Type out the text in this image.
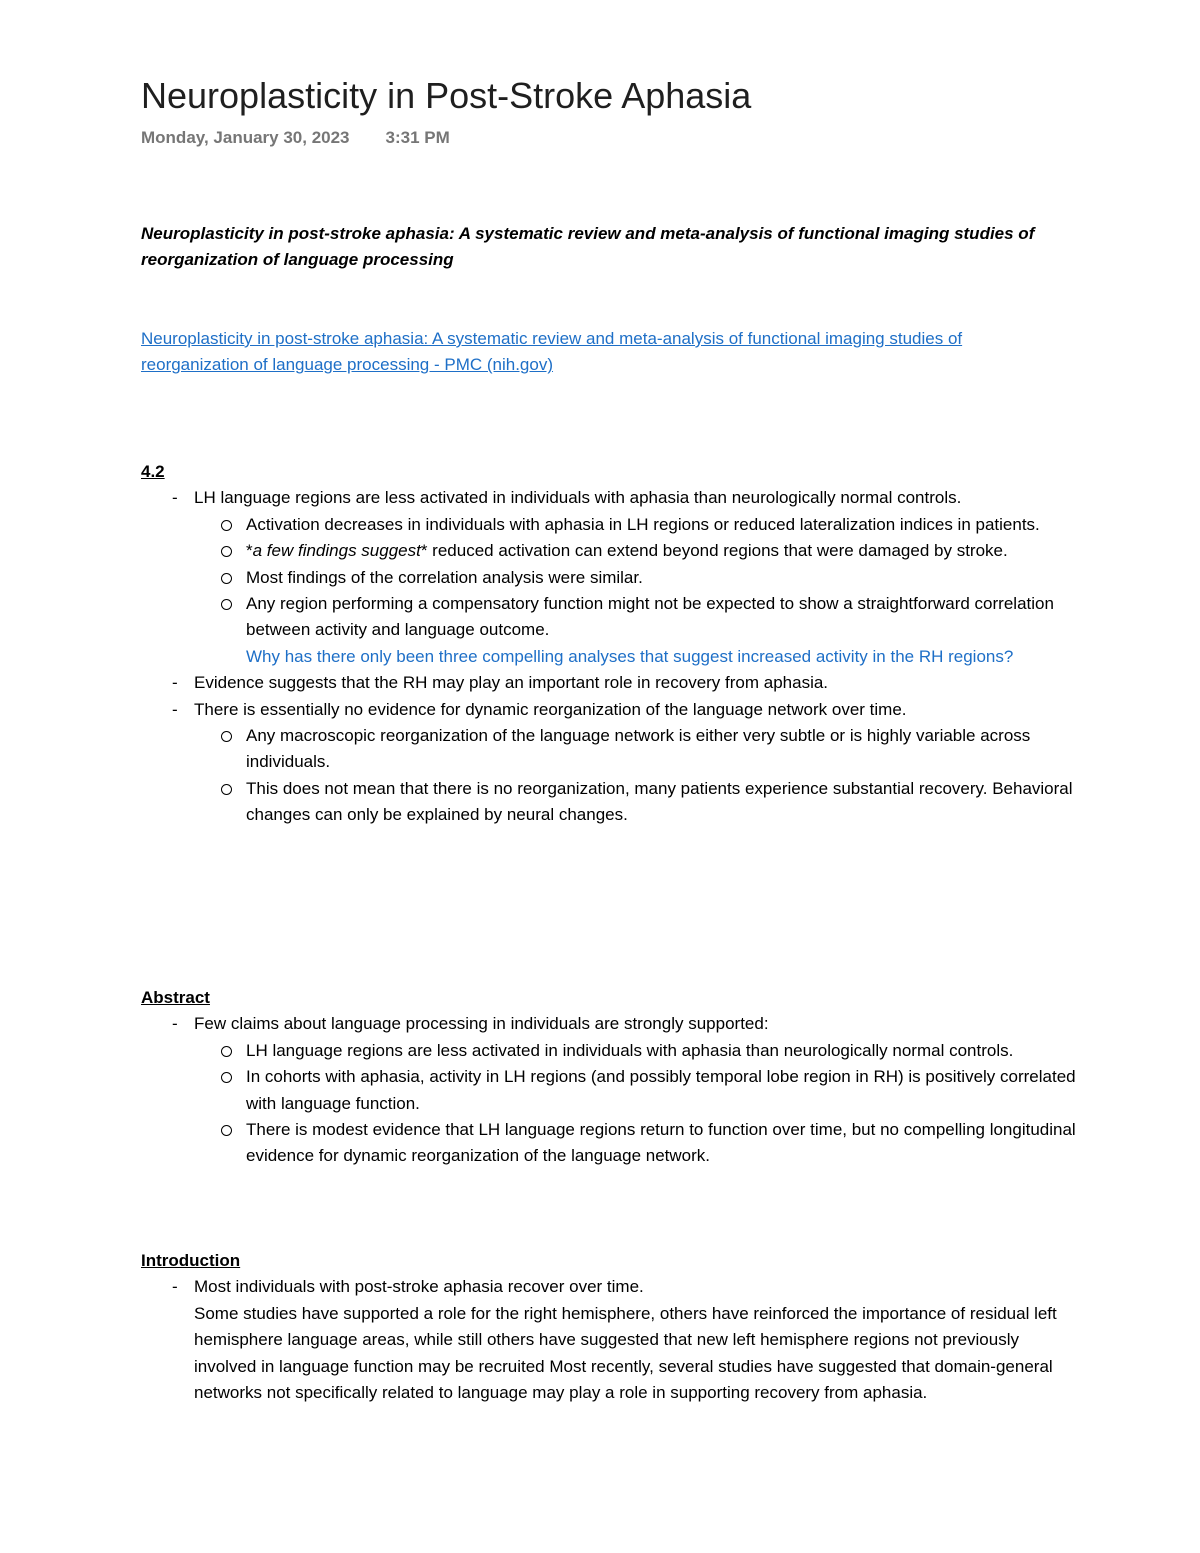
Neuroplasticity in Post-Stroke Aphasia
Monday, January 30, 2023 3:31 PM
Neuroplasticity in post-stroke aphasia: A systematic review and meta-analysis of functional imaging studies of reorganization of language processing
Neuroplasticity in post-stroke aphasia: A systematic review and meta-analysis of functional imaging studies of reorganization of language processing - PMC (nih.gov)
4.2
- LH language regions are less activated in individuals with aphasia than neurologically normal controls.
Activation decreases in individuals with aphasia in LH regions or reduced lateralization indices in patients.
*a few findings suggest* reduced activation can extend beyond regions that were damaged by stroke.
Most findings of the correlation analysis were similar.
Any region performing a compensatory function might not be expected to show a straightforward correlation between activity and language outcome.
Why has there only been three compelling analyses that suggest increased activity in the RH regions?
- Evidence suggests that the RH may play an important role in recovery from aphasia.
- There is essentially no evidence for dynamic reorganization of the language network over time.
Any macroscopic reorganization of the language network is either very subtle or is highly variable across individuals.
This does not mean that there is no reorganization, many patients experience substantial recovery. Behavioral changes can only be explained by neural changes.
Abstract
- Few claims about language processing in individuals are strongly supported:
LH language regions are less activated in individuals with aphasia than neurologically normal controls.
In cohorts with aphasia, activity in LH regions (and possibly temporal lobe region in RH) is positively correlated with language function.
There is modest evidence that LH language regions return to function over time, but no compelling longitudinal evidence for dynamic reorganization of the language network.
Introduction
- Most individuals with post-stroke aphasia recover over time.
Some studies have supported a role for the right hemisphere, others have reinforced the importance of residual left hemisphere language areas, while still others have suggested that new left hemisphere regions not previously involved in language function may be recruited Most recently, several studies have suggested that domain-general networks not specifically related to language may play a role in supporting recovery from aphasia.
